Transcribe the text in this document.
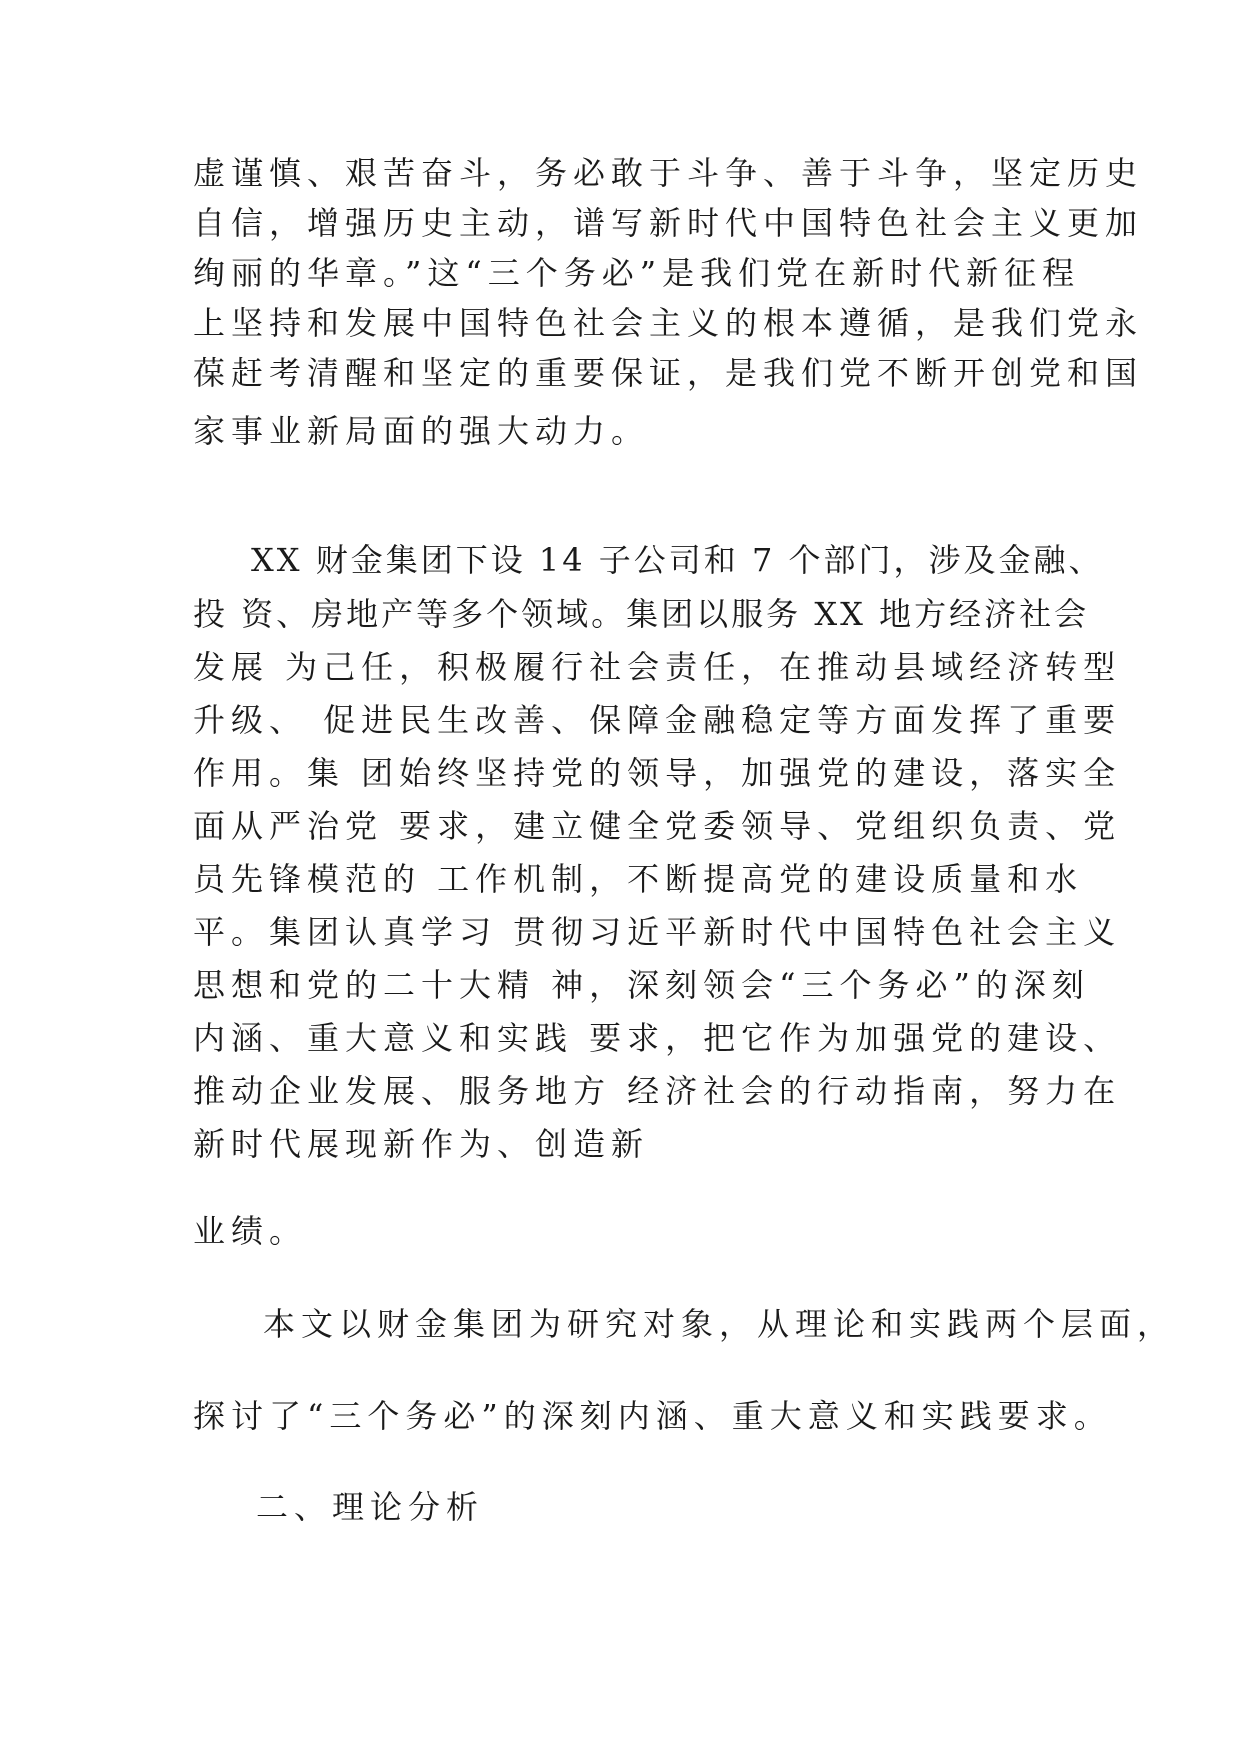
虚谨慎、艰苦奋斗，务必敢于斗争、善于斗争，坚定历史
自信，增强历史主动，谱写新时代中国特色社会主义更加
绚丽的华章。”这“三个务必”是我们党在新时代新征程
上坚持和发展中国特色社会主义的根本遵循，是我们党永
葆赶考清醒和坚定的重要保证，是我们党不断开创党和国
家事业新局面的强大动力。
XX 财金集团下设 14 子公司和 7 个部门，涉及金融、
投 资、房地产等多个领域。集团以服务 XX 地方经济社会
发展 为己任，积极履行社会责任，在推动县域经济转型
升级、 促进民生改善、保障金融稳定等方面发挥了重要
作用。集 团始终坚持党的领导，加强党的建设，落实全
面从严治党 要求，建立健全党委领导、党组织负责、党
员先锋模范的 工作机制，不断提高党的建设质量和水
平。集团认真学习 贯彻习近平新时代中国特色社会主义
思想和党的二十大精 神，深刻领会“三个务必”的深刻
内涵、重大意义和实践 要求，把它作为加强党的建设、
推动企业发展、服务地方 经济社会的行动指南，努力在
新时代展现新作为、创造新
业绩。
本文以财金集团为研究对象，从理论和实践两个层面，
探讨了“三个务必”的深刻内涵、重大意义和实践要求。
二、理论分析
